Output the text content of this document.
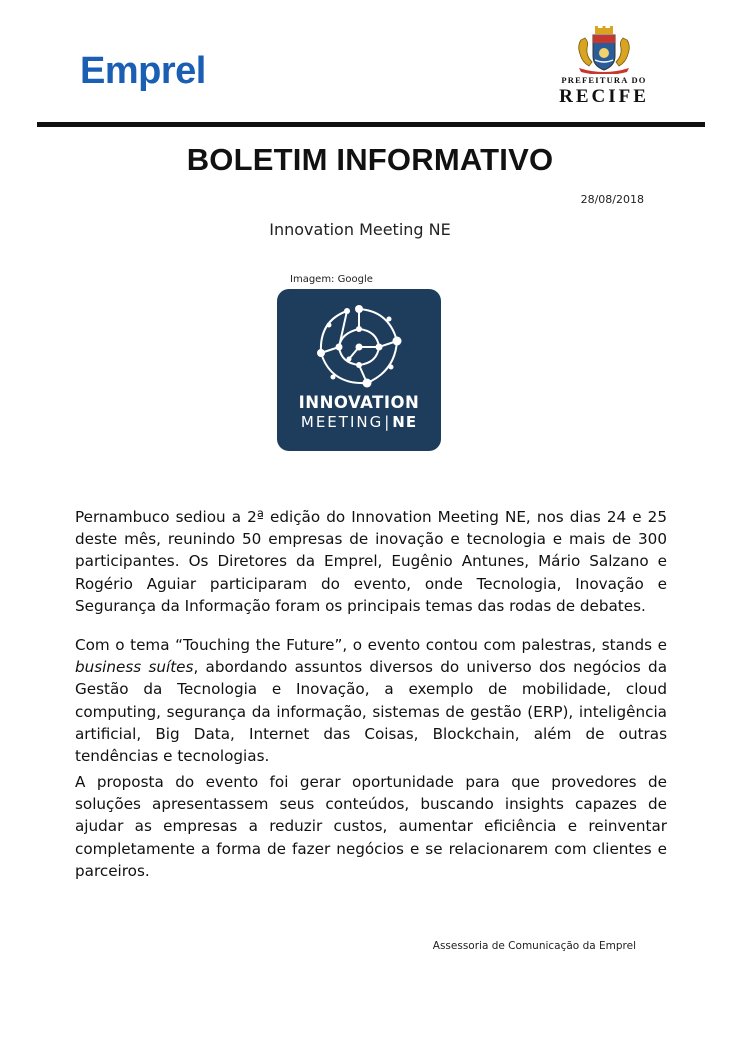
Emprel	PREFEITURA DO
RECIFE
BOLETIM INFORMATIVO
28/08/2018
Innovation Meeting NE
Imagem: Google
INNOVATION
MEETING|NE

Pernambuco sediou a 2ª edição do Innovation Meeting NE, nos dias 24 e 25 deste mês, reunindo 50 empresas de inovação e tecnologia e mais de 300 participantes. Os Diretores da Emprel, Eugênio Antunes, Mário Salzano e Rogério Aguiar participaram do evento, onde Tecnologia, Inovação e Segurança da Informação foram os principais temas das rodas de debates.

Com o tema “Touching the Future”, o evento contou com palestras, stands e business suítes, abordando assuntos diversos do universo dos negócios da Gestão da Tecnologia e Inovação, a exemplo de mobilidade, cloud computing, segurança da informação, sistemas de gestão (ERP), inteligência artificial, Big Data, Internet das Coisas, Blockchain, além de outras tendências e tecnologias.

A proposta do evento foi gerar oportunidade para que provedores de soluções apresentassem seus conteúdos, buscando insights capazes de ajudar as empresas a reduzir custos, aumentar eficiência e reinventar completamente a forma de fazer negócios e se relacionarem com clientes e parceiros.

Assessoria de Comunicação da Emprel
